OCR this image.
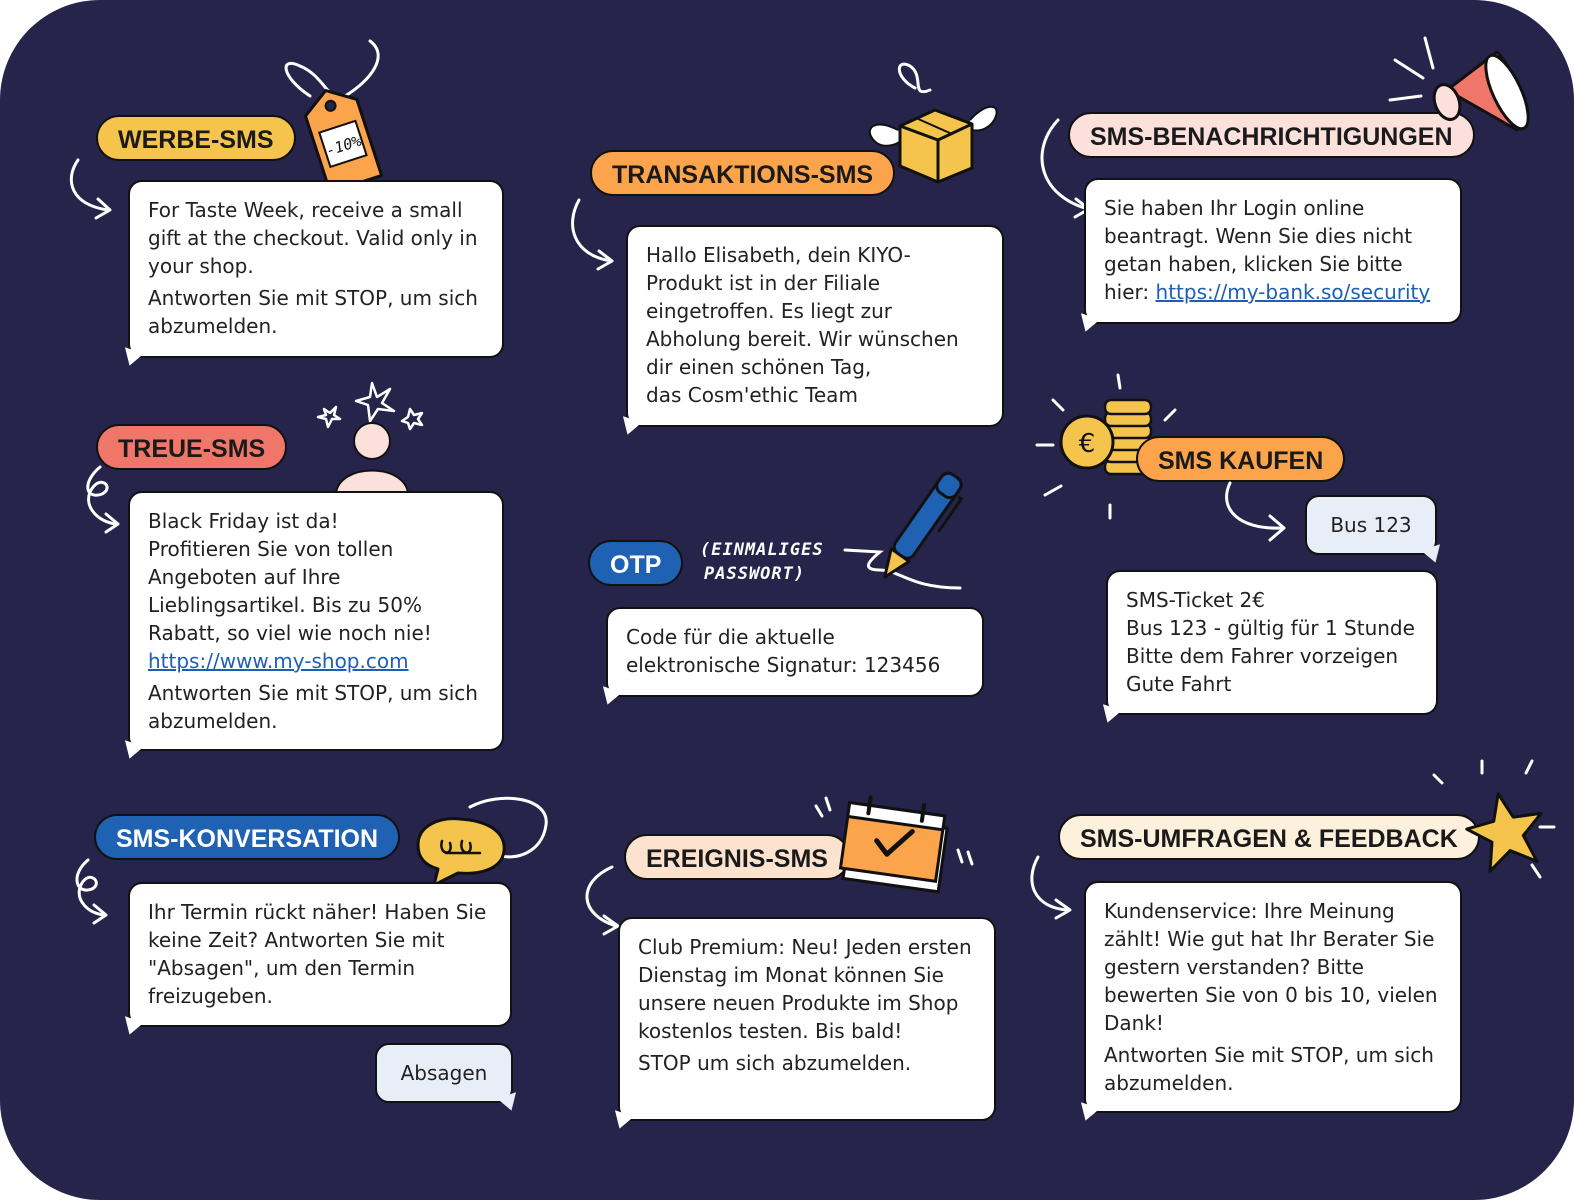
WERBE-SMS	-10%

For Taste Week, receive a small gift at the checkout. Valid only in your shop.

Antworten Sie mit STOP, um sich abzumelden.

TRANSAKTIONS-SMS

Hallo Elisabeth, dein KIYO-Produkt ist in der Filiale eingetroffen. Es liegt zur Abholung bereit. Wir wünschen dir einen schönen Tag,

das Cosm'ethic Team

SMS-BENACHRICHTIGUNGEN
Sie haben Ihr Login online beantragt. Wenn Sie dies nicht getan haben, klicken Sie bitte hier: https://my-bank.so/security
TREUE-SMS

Black Friday ist da!

Profitieren Sie von tollen Angeboten auf Ihre Lieblingsartikel. Bis zu 50% Rabatt, so viel wie noch nie!

https://www.my-shop.com

Antworten Sie mit STOP, um sich abzumelden.

OTP
(EINMALIGES
PASSWORT)
Code für die aktuelle elektronische Signatur: 123456
€
SMS KAUFEN
Bus 123
SMS-Ticket 2€
Bus 123 - gültig für 1 Stunde
Bitte dem Fahrer vorzeigen
Gute Fahrt
SMS-KONVERSATION
Ihr Termin rückt näher! Haben Sie keine Zeit? Antworten Sie mit "Absagen", um den Termin freizugeben.
Absagen
EREIGNIS-SMS

Club Premium: Neu! Jeden ersten Dienstag im Monat können Sie unsere neuen Produkte im Shop kostenlos testen. Bis bald!

STOP um sich abzumelden.

SMS-UMFRAGEN & FEEDBACK

Kundenservice: Ihre Meinung zählt! Wie gut hat Ihr Berater Sie gestern verstanden? Bitte bewerten Sie von 0 bis 10, vielen Dank!

Antworten Sie mit STOP, um sich abzumelden.
